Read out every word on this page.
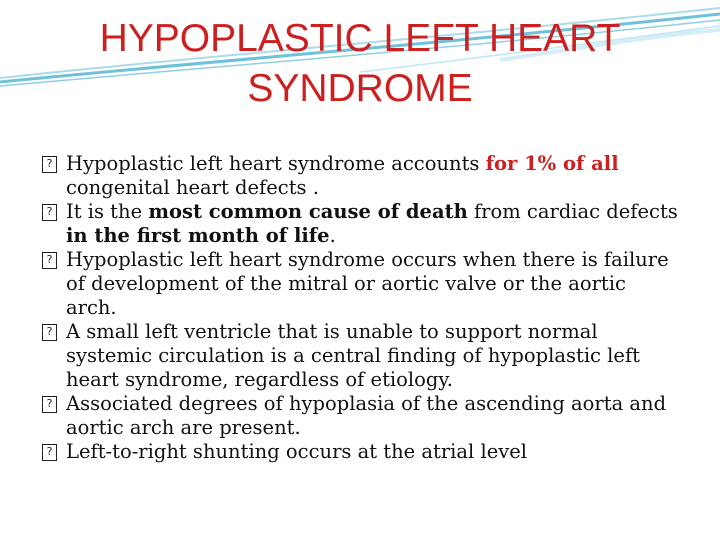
HYPOPLASTIC LEFT HEART
SYNDROME
? Hypoplastic left heart syndrome accounts for 1% of all congenital heart defects .
? It is the most common cause of death from cardiac defects in the first month of life.
? Hypoplastic left heart syndrome occurs when there is failure of development of the mitral or aortic valve or the aortic arch.
? A small left ventricle that is unable to support normal systemic circulation is a central finding of hypoplastic left heart syndrome, regardless of etiology.
? Associated degrees of hypoplasia of the ascending aorta and aortic arch are present.
? Left-to-right shunting occurs at the atrial level
